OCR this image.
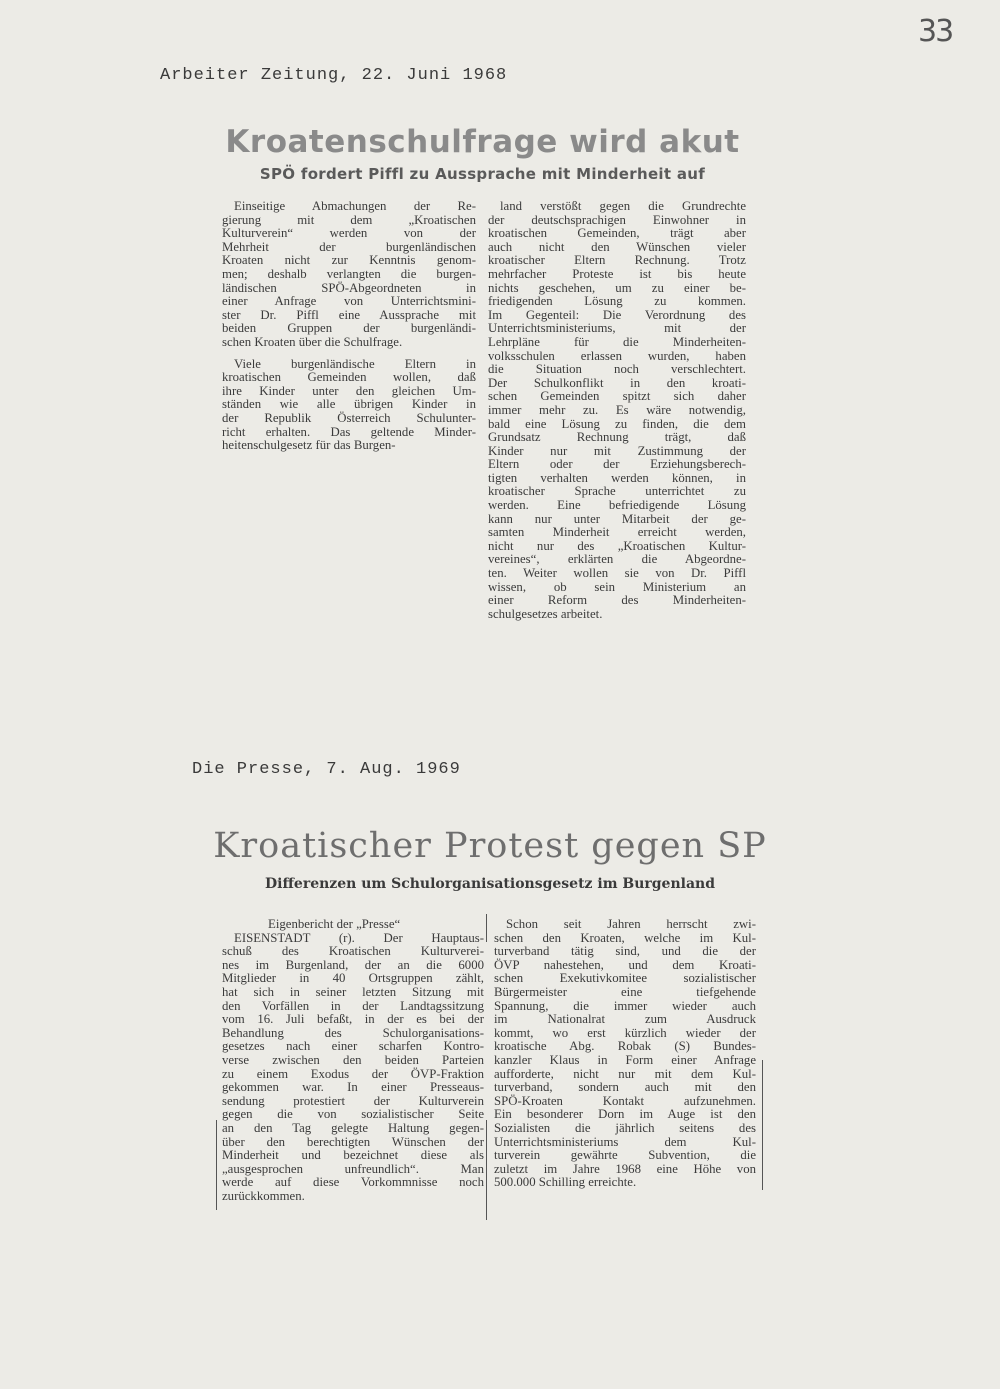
33
Arbeiter Zeitung, 22. Juni 1968
Kroatenschulfrage wird akut
SPÖ fordert Piffl zu Aussprache mit Minderheit auf
Einseitige Abmachungen der Re-
gierung mit dem „Kroatischen
Kulturverein“ werden von der
Mehrheit der burgenländischen
Kroaten nicht zur Kenntnis genom-
men; deshalb verlangten die burgen-
ländischen SPÖ-Abgeordneten in
einer Anfrage von Unterrichtsmini-
ster Dr. Piffl eine Aussprache mit
beiden Gruppen der burgenländi-
schen Kroaten über die Schulfrage.
Viele burgenländische Eltern in
kroatischen Gemeinden wollen, daß
ihre Kinder unter den gleichen Um-
ständen wie alle übrigen Kinder in
der Republik Österreich Schulunter-
richt erhalten. Das geltende Minder-
heitenschulgesetz für das Burgen-
land verstößt gegen die Grundrechte
der deutschsprachigen Einwohner in
kroatischen Gemeinden, trägt aber
auch nicht den Wünschen vieler
kroatischer Eltern Rechnung. Trotz
mehrfacher Proteste ist bis heute
nichts geschehen, um zu einer be-
friedigenden Lösung zu kommen.
Im Gegenteil: Die Verordnung des
Unterrichtsministeriums, mit der
Lehrpläne für die Minderheiten-
volksschulen erlassen wurden, haben
die Situation noch verschlechtert.
Der Schulkonflikt in den kroati-
schen Gemeinden spitzt sich daher
immer mehr zu. Es wäre notwendig,
bald eine Lösung zu finden, die dem
Grundsatz Rechnung trägt, daß
Kinder nur mit Zustimmung der
Eltern oder der Erziehungsberech-
tigten verhalten werden können, in
kroatischer Sprache unterrichtet zu
werden. Eine befriedigende Lösung
kann nur unter Mitarbeit der ge-
samten Minderheit erreicht werden,
nicht nur des „Kroatischen Kultur-
vereines“, erklärten die Abgeordne-
ten. Weiter wollen sie von Dr. Piffl
wissen, ob sein Ministerium an
einer Reform des Minderheiten-
schulgesetzes arbeitet.
Die Presse, 7. Aug. 1969
Kroatischer Protest gegen SP
Differenzen um Schulorganisationsgesetz im Burgenland
Eigenbericht der „Presse“
EISENSTADT (r). Der Hauptaus-
schuß des Kroatischen Kulturverei-
nes im Burgenland, der an die 6000
Mitglieder in 40 Ortsgruppen zählt,
hat sich in seiner letzten Sitzung mit
den Vorfällen in der Landtagssitzung
vom 16. Juli befaßt, in der es bei der
Behandlung des Schulorganisations-
gesetzes nach einer scharfen Kontro-
verse zwischen den beiden Parteien
zu einem Exodus der ÖVP-Fraktion
gekommen war. In einer Presseaus-
sendung protestiert der Kulturverein
gegen die von sozialistischer Seite
an den Tag gelegte Haltung gegen-
über den berechtigten Wünschen der
Minderheit und bezeichnet diese als
„ausgesprochen unfreundlich“. Man
werde auf diese Vorkommnisse noch
zurückkommen.
Schon seit Jahren herrscht zwi-
schen den Kroaten, welche im Kul-
turverband tätig sind, und die der
ÖVP nahestehen, und dem Kroati-
schen Exekutivkomitee sozialistischer
Bürgermeister eine tiefgehende
Spannung, die immer wieder auch
im Nationalrat zum Ausdruck
kommt, wo erst kürzlich wieder der
kroatische Abg. Robak (S) Bundes-
kanzler Klaus in Form einer Anfrage
aufforderte, nicht nur mit dem Kul-
turverband, sondern auch mit den
SPÖ-Kroaten Kontakt aufzunehmen.
Ein besonderer Dorn im Auge ist den
Sozialisten die jährlich seitens des
Unterrichtsministeriums dem Kul-
turverein gewährte Subvention, die
zuletzt im Jahre 1968 eine Höhe von
500.000 Schilling erreichte.
